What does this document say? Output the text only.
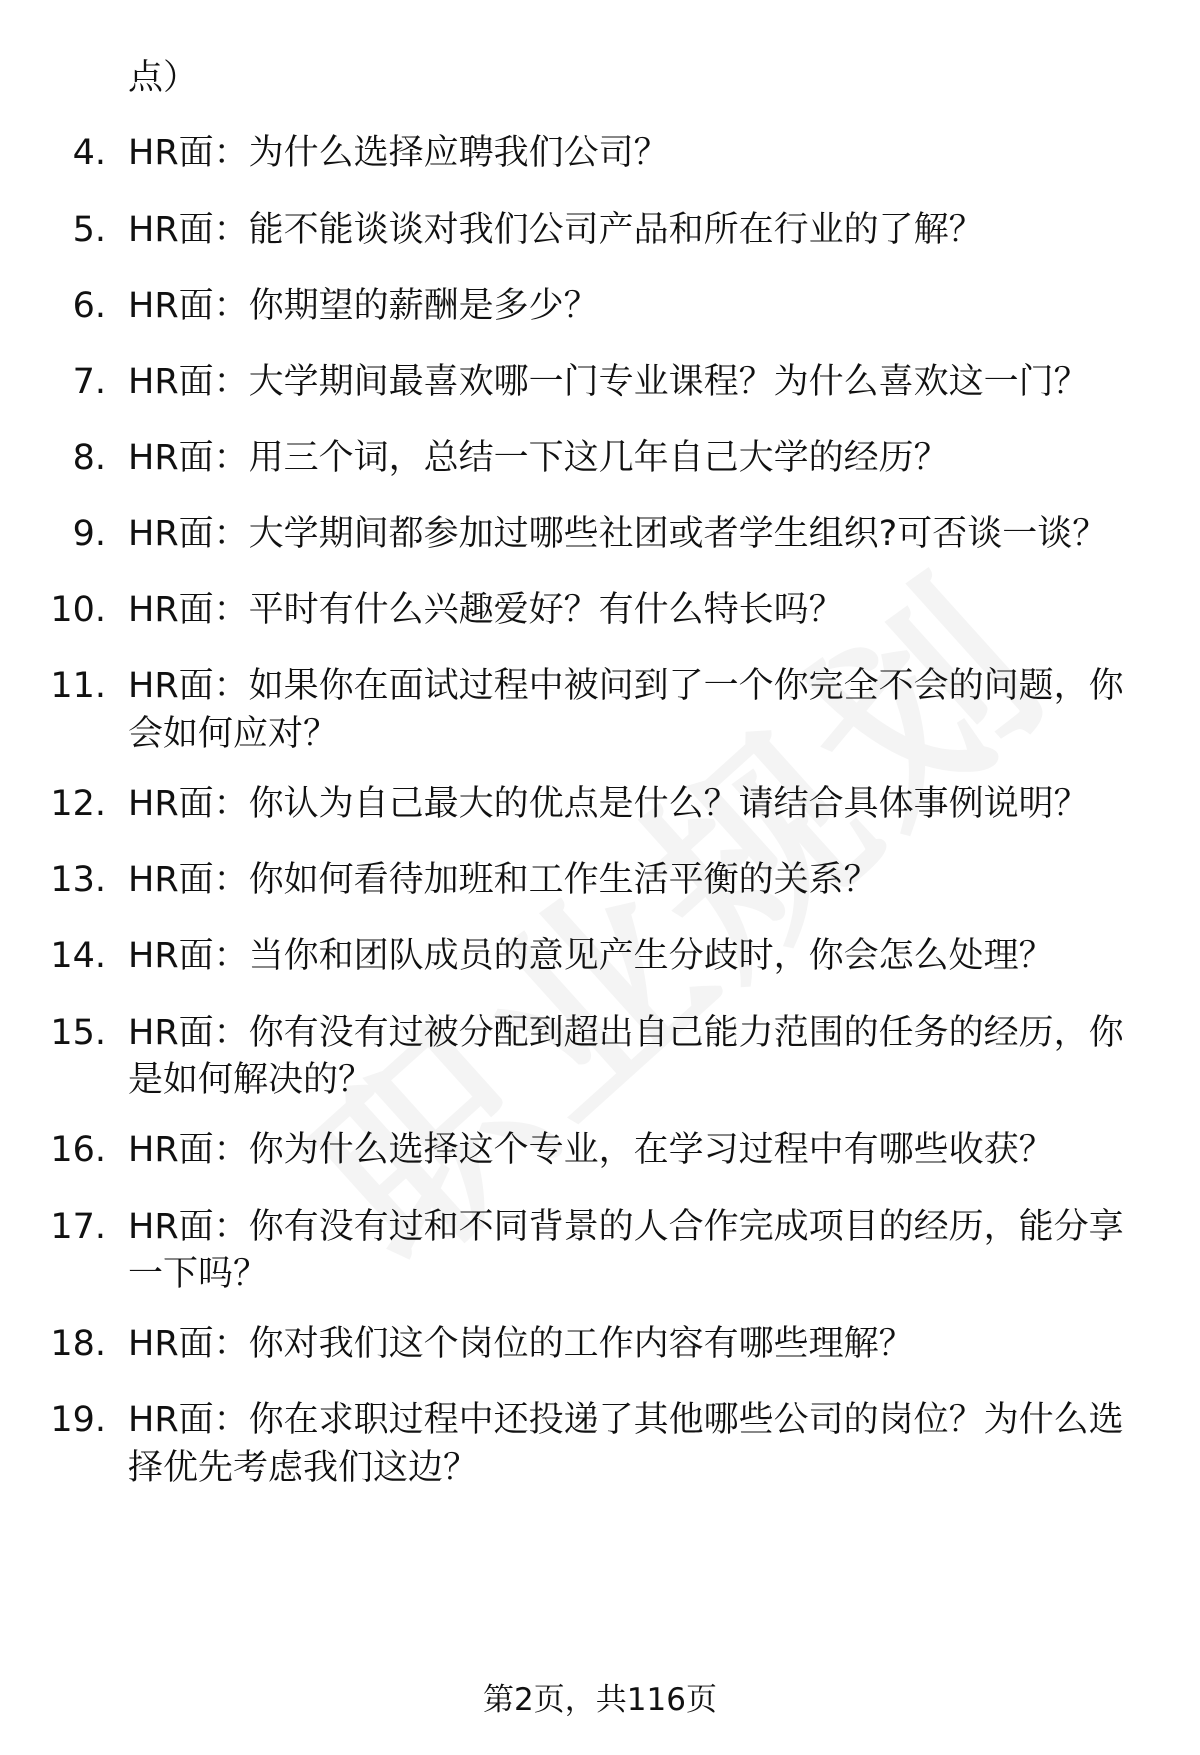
点）
4. HR面：为什么选择应聘我们公司？
5. HR面：能不能谈谈对我们公司产品和所在行业的了解？
6. HR面：你期望的薪酬是多少？
7. HR面：大学期间最喜欢哪一门专业课程？为什么喜欢这一门？
8. HR面：用三个词，总结一下这几年自己大学的经历？
9. HR面：大学期间都参加过哪些社团或者学生组织?可否谈一谈？
10. HR面：平时有什么兴趣爱好？有什么特长吗？
11. HR面：如果你在面试过程中被问到了一个你完全不会的问题，你
会如何应对？
12. HR面：你认为自己最大的优点是什么？请结合具体事例说明？
13. HR面：你如何看待加班和工作生活平衡的关系？
14. HR面：当你和团队成员的意见产生分歧时，你会怎么处理？
15. HR面：你有没有过被分配到超出自己能力范围的任务的经历，你
是如何解决的？
16. HR面：你为什么选择这个专业，在学习过程中有哪些收获？
17. HR面：你有没有过和不同背景的人合作完成项目的经历，能分享
一下吗？
18. HR面：你对我们这个岗位的工作内容有哪些理解？
19. HR面：你在求职过程中还投递了其他哪些公司的岗位？为什么选
择优先考虑我们这边？
第2页，共116页
